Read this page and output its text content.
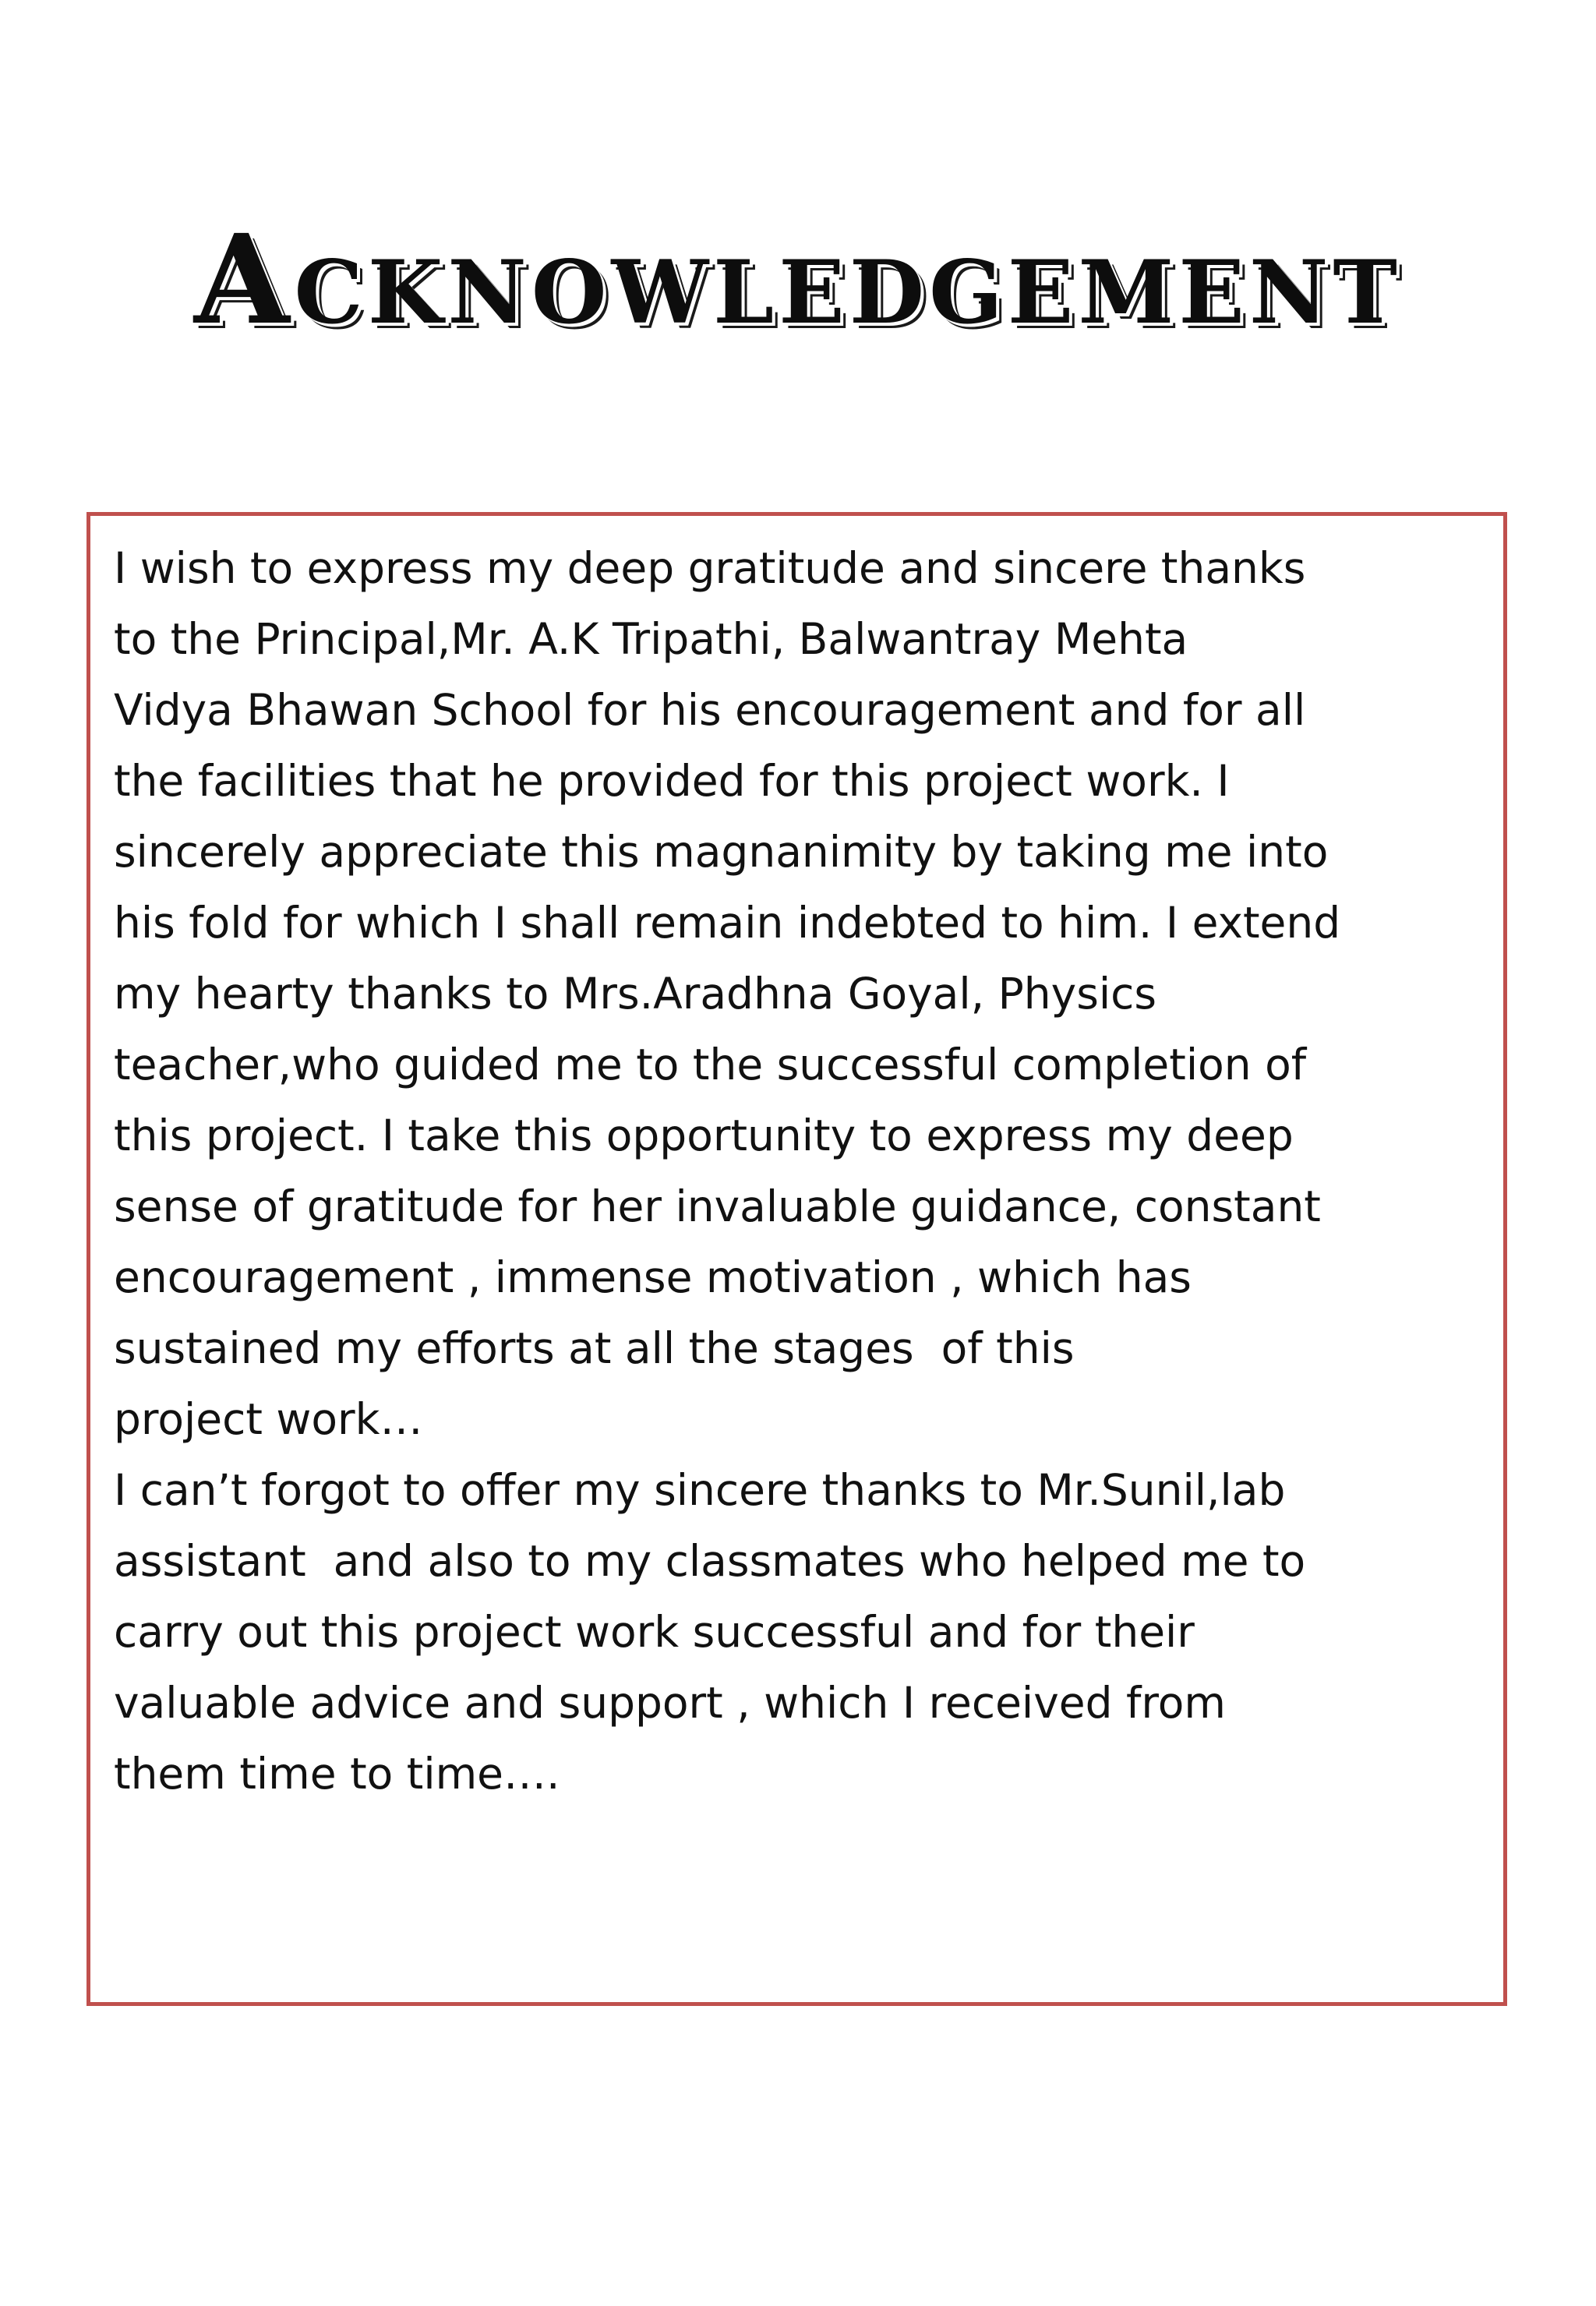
Acknowledgement
I wish to express my deep gratitude and sincere thanks
to the Principal,Mr. A.K Tripathi, Balwantray Mehta
Vidya Bhawan School for his encouragement and for all
the facilities that he provided for this project work. I
sincerely appreciate this magnanimity by taking me into
his fold for which I shall remain indebted to him. I extend
my hearty thanks to Mrs.Aradhna Goyal, Physics
teacher,who guided me to the successful completion of
this project. I take this opportunity to express my deep
sense of gratitude for her invaluable guidance, constant
encouragement , immense motivation , which has
sustained my efforts at all the stages  of this
project work…
I can’t forgot to offer my sincere thanks to Mr.Sunil,lab
assistant  and also to my classmates who helped me to
carry out this project work successful and for their
valuable advice and support , which I received from
them time to time….
